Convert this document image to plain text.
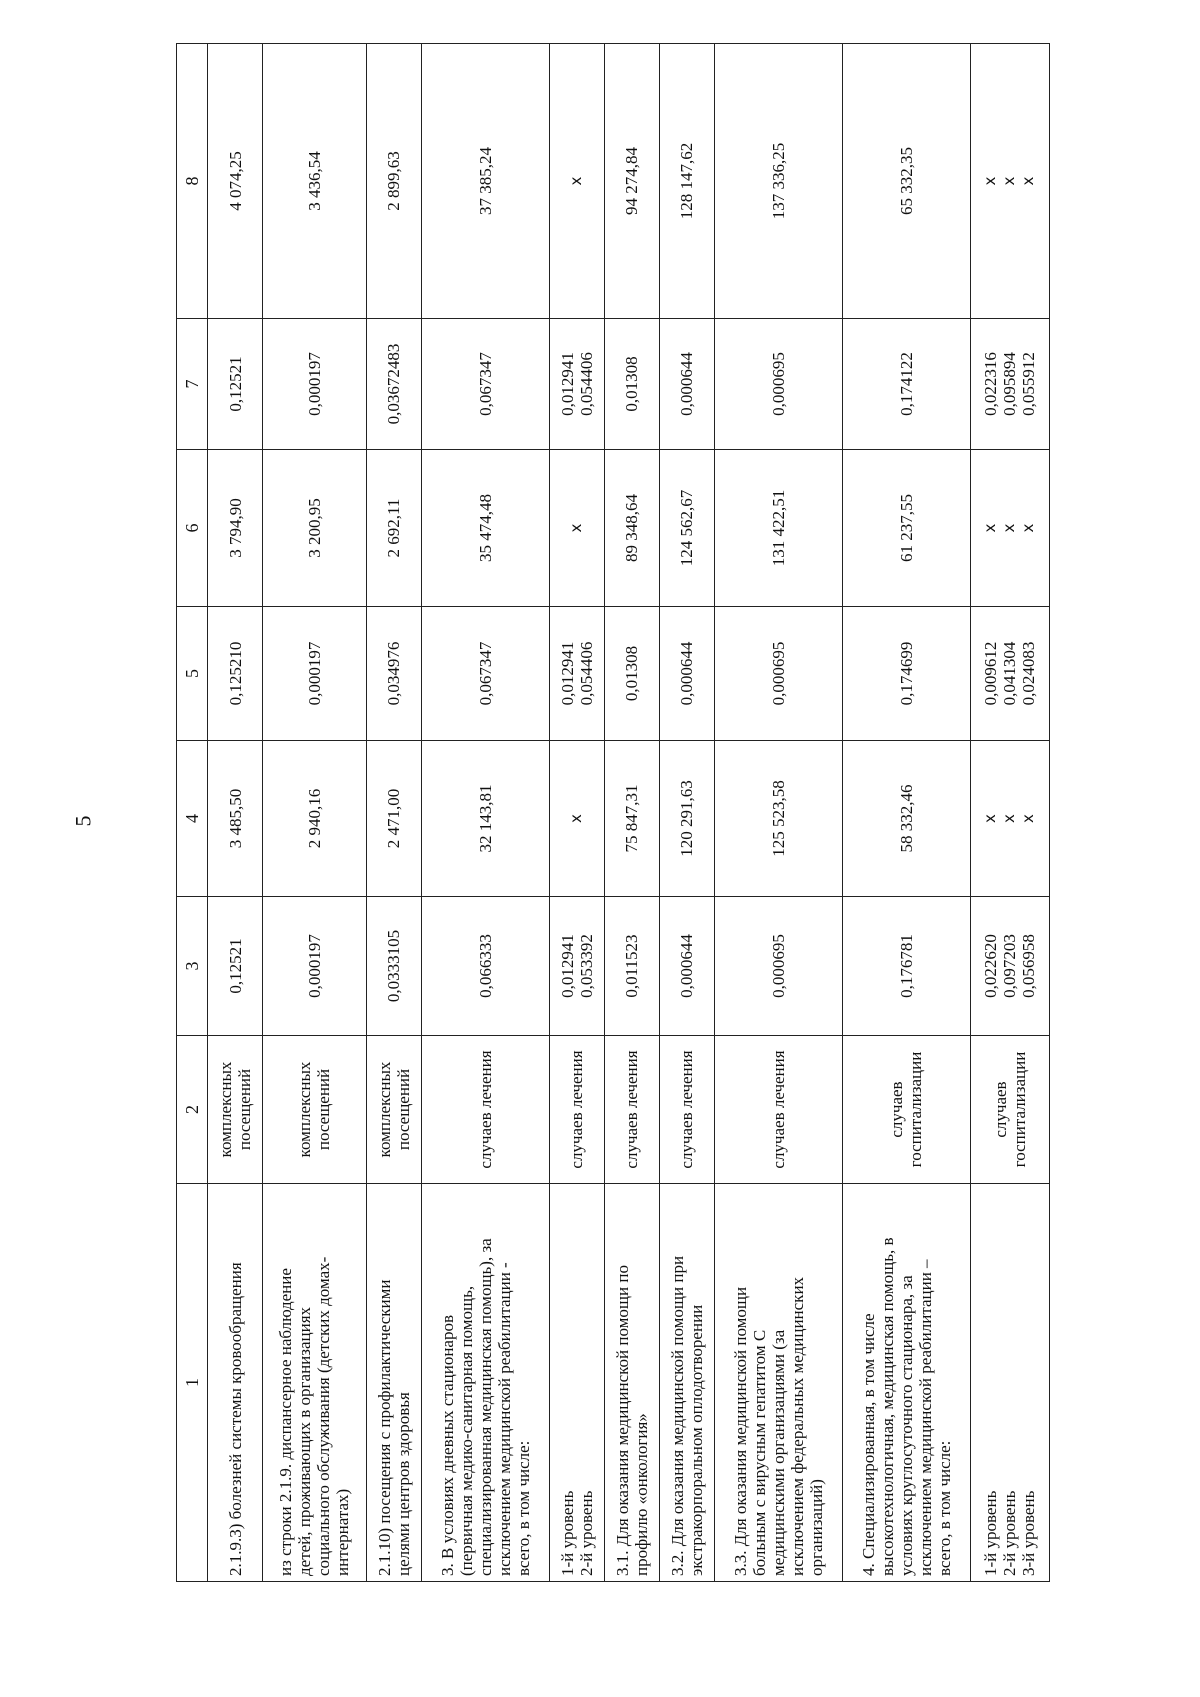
5
1	2	3	4	5	6	7	8

2.1.9.3) болезней системы кровообращения	комплексных посещений	0,12521	3 485,50	0,125210	3 794,90	0,12521	4 074,25

из строки 2.1.9. диспансерное наблюдение детей, проживающих в организациях социального обслуживания (детских домах- интернатах)	комплексных посещений	0,000197	2 940,16	0,000197	3 200,95	0,000197	3 436,54

2.1.10) посещения с профилактическими целями центров здоровья	комплексных посещений	0,0333105	2 471,00	0,034976	2 692,11	0,03672483	2 899,63

3. В условиях дневных стационаров (первичная медико-санитарная помощь, специализированная медицинская помощь), за исключением медицинской реабилитации - всего, в том числе:	случаев лечения	0,066333	32 143,81	0,067347	35 474,48	0,067347	37 385,24

1-й уровень 2-й уровень	случаев лечения	0,012941 0,053392	х	0,012941 0,054406	х	0,012941 0,054406	х

3.1. Для оказания медицинской помощи по профилю «онкология»	случаев лечения	0,011523	75 847,31	0,01308	89 348,64	0,01308	94 274,84

3.2. Для оказания медицинской помощи при экстракорпоральном оплодотворении	случаев лечения	0,000644	120 291,63	0,000644	124 562,67	0,000644	128 147,62

3.3. Для оказания медицинской помощи больным с вирусным гепатитом С медицинскими организациями (за исключением федеральных медицинских организаций)	случаев лечения	0,000695	125 523,58	0,000695	131 422,51	0,000695	137 336,25

4. Специализированная, в том числе высокотехнологичная, медицинская помощь, в условиях круглосуточного стационара, за исключением медицинской реабилитации – всего, в том числе:	случаев госпитализации	0,176781	58 332,46	0,174699	61 237,55	0,174122	65 332,35

1-й уровень 2-й уровень 3-й уровень	случаев госпитализации	0,022620 0,097203 0,056958	х х х	0,009612 0,041304 0,024083	х х х	0,022316 0,095894 0,055912	х х х
